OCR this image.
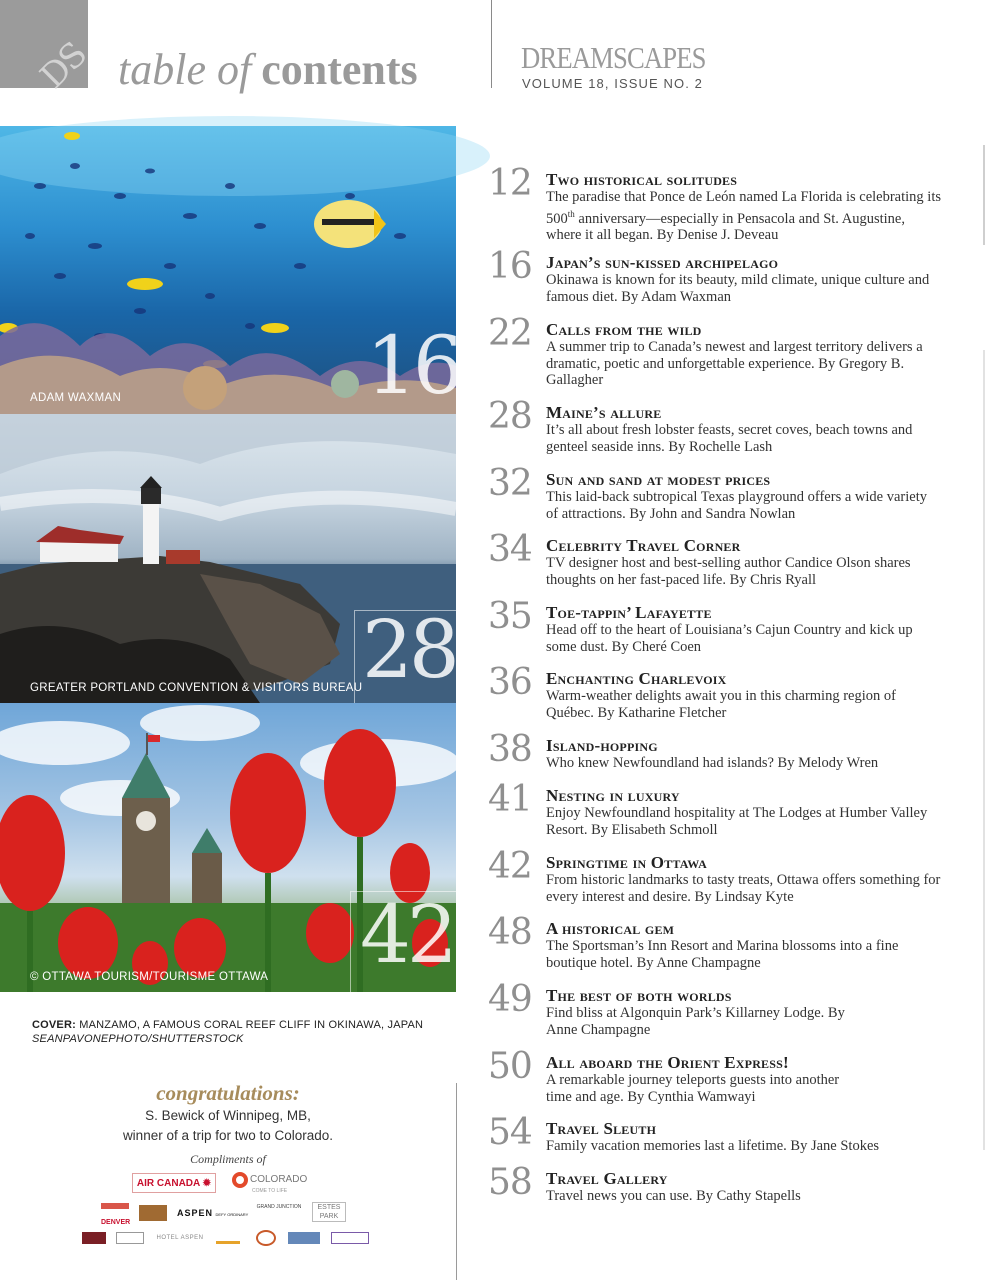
DS table of contents	DREAMSCAPES
VOLUME 18, ISSUE NO. 2
16
ADAM WAXMAN
28
GREATER PORTLAND CONVENTION & VISITORS BUREAU
42
© OTTAWA TOURISM/TOURISME OTTAWA
COVER: MANZAMO, A FAMOUS CORAL REEF CLIFF IN OKINAWA, JAPAN
SEANPAVONEPHOTO/SHUTTERSTOCK
congratulations:
S. Bewick of Winnipeg, MB,
winner of a trip for two to Colorado.
Compliments of
AIR CANADA ✹	COLORADO
COME TO LIFE
DENVER
ASPEN DEFY ORDINARY
GRAND JUNCTION	ESTES PARK
HOTEL ASPEN
12 Two historical solitudes
The paradise that Ponce de León named La Florida is celebrating its 500th anniversary—especially in Pensacola and St. Augustine, where it all began. By Denise J. Deveau
16 Japan’s sun-kissed archipelago
Okinawa is known for its beauty, mild climate, unique culture and famous diet. By Adam Waxman
22 Calls from the wild
A summer trip to Canada’s newest and largest territory delivers a dramatic, poetic and unforgettable experience. By Gregory B. Gallagher
28 Maine’s allure
It’s all about fresh lobster feasts, secret coves, beach towns and genteel seaside inns. By Rochelle Lash
32 Sun and sand at modest prices
This laid-back subtropical Texas playground offers a wide variety of attractions. By John and Sandra Nowlan
34 Celebrity Travel Corner
TV designer host and best-selling author Candice Olson shares thoughts on her fast-paced life. By Chris Ryall
35 Toe-tappin’ Lafayette
Head off to the heart of Louisiana’s Cajun Country and kick up some dust. By Cheré Coen
36 Enchanting Charlevoix
Warm-weather delights await you in this charming region of Québec. By Katharine Fletcher
38 Island-hopping
Who knew Newfoundland had islands? By Melody Wren
41 Nesting in luxury
Enjoy Newfoundland hospitality at The Lodges at Humber Valley Resort. By Elisabeth Schmoll
42 Springtime in Ottawa
From historic landmarks to tasty treats, Ottawa offers something for every interest and desire. By Lindsay Kyte
48 A historical gem
The Sportsman’s Inn Resort and Marina blossoms into a fine boutique hotel. By Anne Champagne
49 The best of both worlds
Find bliss at Algonquin Park’s Killarney Lodge. By Anne Champagne
50 All aboard the Orient Express!
A remarkable journey teleports guests into another time and age. By Cynthia Wamwayi
54 Travel Sleuth
Family vacation memories last a lifetime. By Jane Stokes
58 Travel Gallery
Travel news you can use. By Cathy Stapells
